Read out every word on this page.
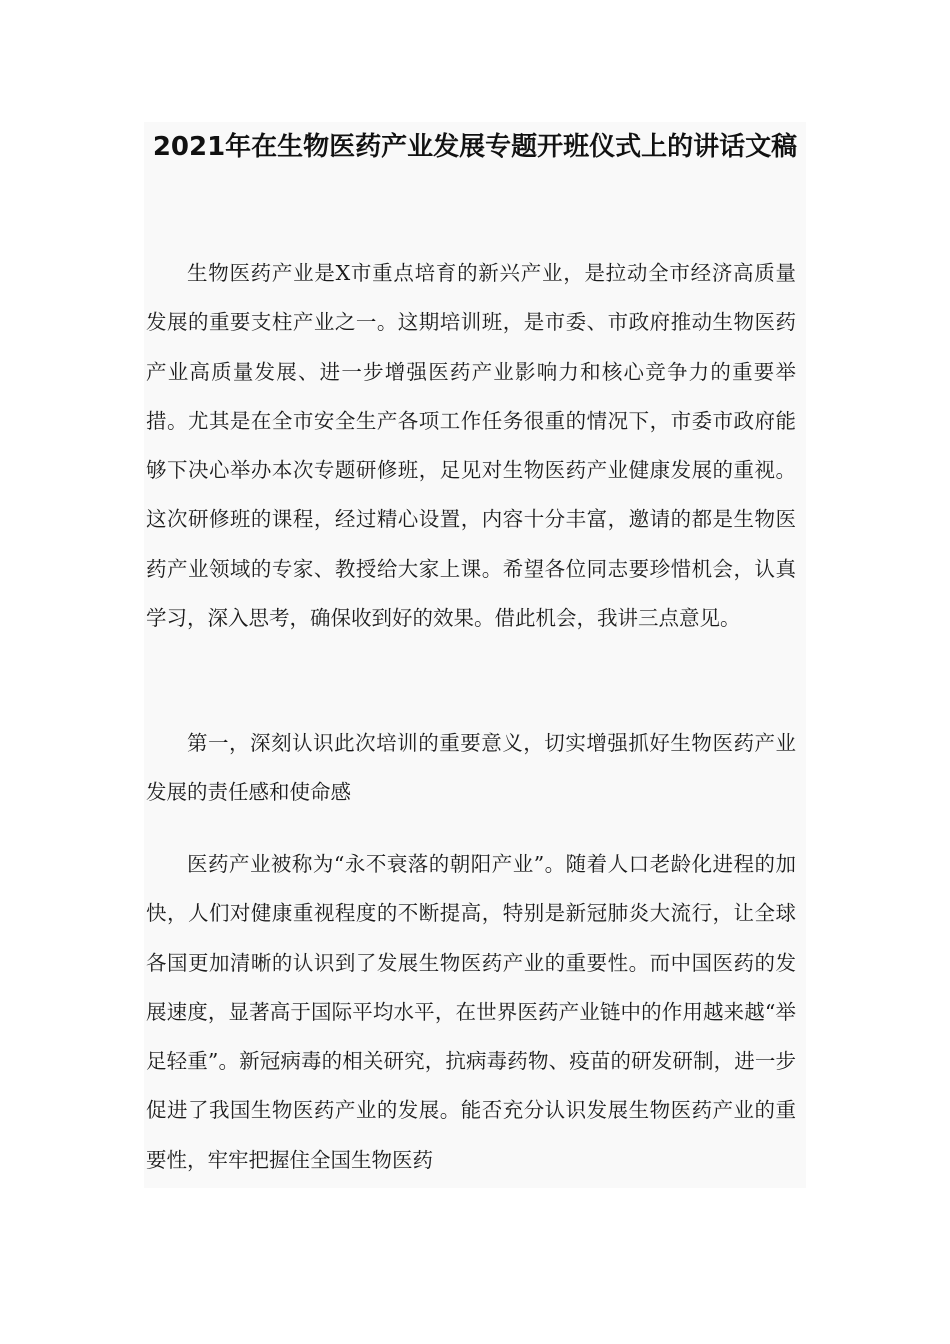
2021年在生物医药产业发展专题开班仪式上的讲话文稿

生物医药产业是X市重点培育的新兴产业，是拉动全市经济高质量发展的重要支柱产业之一。这期培训班，是市委、市政府推动生物医药产业高质量发展、进一步增强医药产业影响力和核心竞争力的重要举措。尤其是在全市安全生产各项工作任务很重的情况下，市委市政府能够下决心举办本次专题研修班，足见对生物医药产业健康发展的重视。这次研修班的课程，经过精心设置，内容十分丰富，邀请的都是生物医药产业领域的专家、教授给大家上课。希望各位同志要珍惜机会，认真学习，深入思考，确保收到好的效果。借此机会，我讲三点意见。

第一，深刻认识此次培训的重要意义，切实增强抓好生物医药产业发展的责任感和使命感

医药产业被称为“永不衰落的朝阳产业”。随着人口老龄化进程的加快，人们对健康重视程度的不断提高，特别是新冠肺炎大流行，让全球各国更加清晰的认识到了发展生物医药产业的重要性。而中国医药的发展速度，显著高于国际平均水平，在世界医药产业链中的作用越来越“举足轻重”。新冠病毒的相关研究，抗病毒药物、疫苗的研发研制，进一步促进了我国生物医药产业的发展。能否充分认识发展生物医药产业的重要性，牢牢把握住全国生物医药
